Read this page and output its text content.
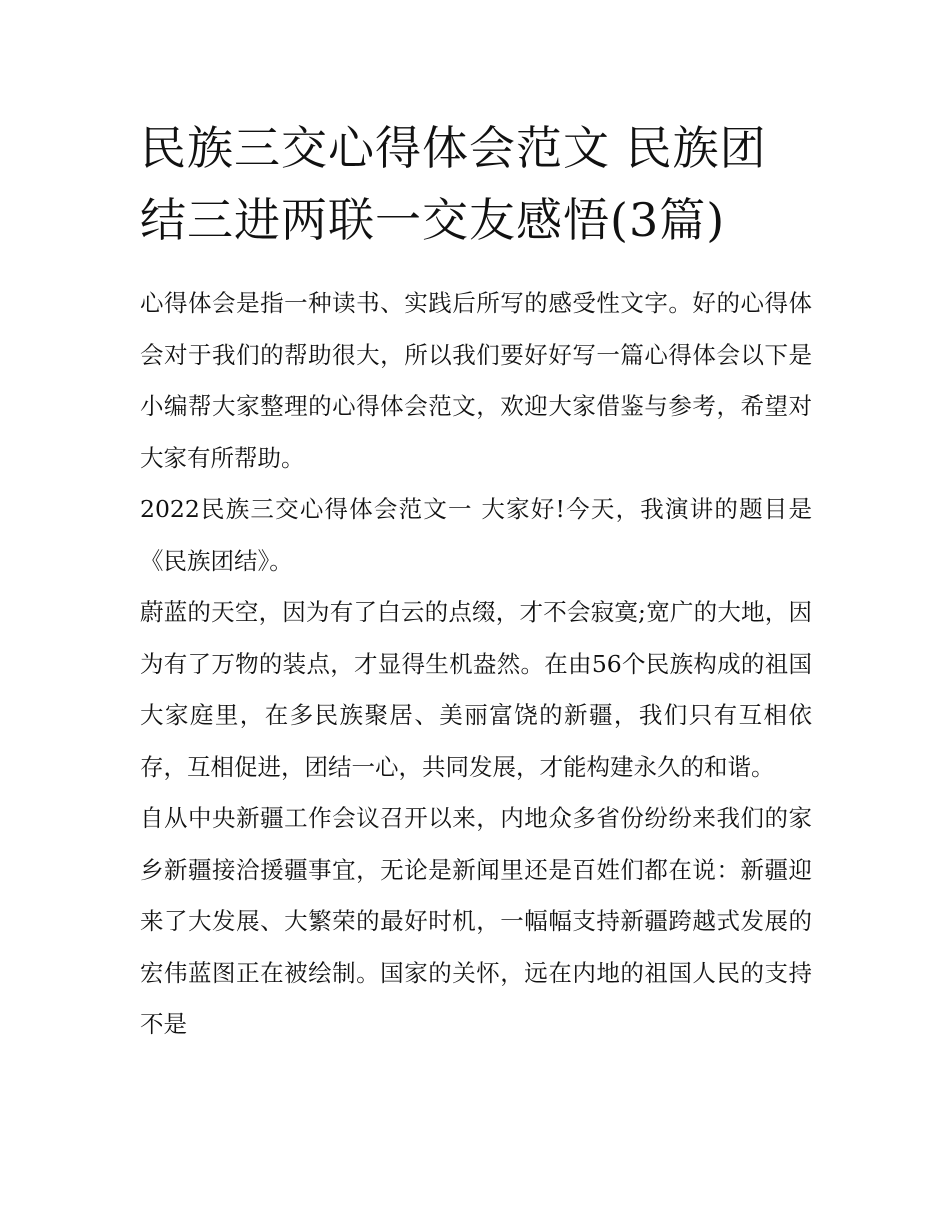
民族三交心得体会范文 民族团结三进两联一交友感悟(3篇)

心得体会是指一种读书、实践后所写的感受性文字。好的心得体会对于我们的帮助很大，所以我们要好好写一篇心得体会以下是小编帮大家整理的心得体会范文，欢迎大家借鉴与参考，希望对大家有所帮助。

2022民族三交心得体会范文一 大家好!今天，我演讲的题目是《民族团结》。

蔚蓝的天空，因为有了白云的点缀，才不会寂寞;宽广的大地，因为有了万物的装点，才显得生机盎然。在由56个民族构成的祖国大家庭里，在多民族聚居、美丽富饶的新疆，我们只有互相依存，互相促进，团结一心，共同发展，才能构建永久的和谐。

自从中央新疆工作会议召开以来，内地众多省份纷纷来我们的家乡新疆接洽援疆事宜，无论是新闻里还是百姓们都在说：新疆迎来了大发展、大繁荣的最好时机，一幅幅支持新疆跨越式发展的宏伟蓝图正在被绘制。国家的关怀，远在内地的祖国人民的支持不是
